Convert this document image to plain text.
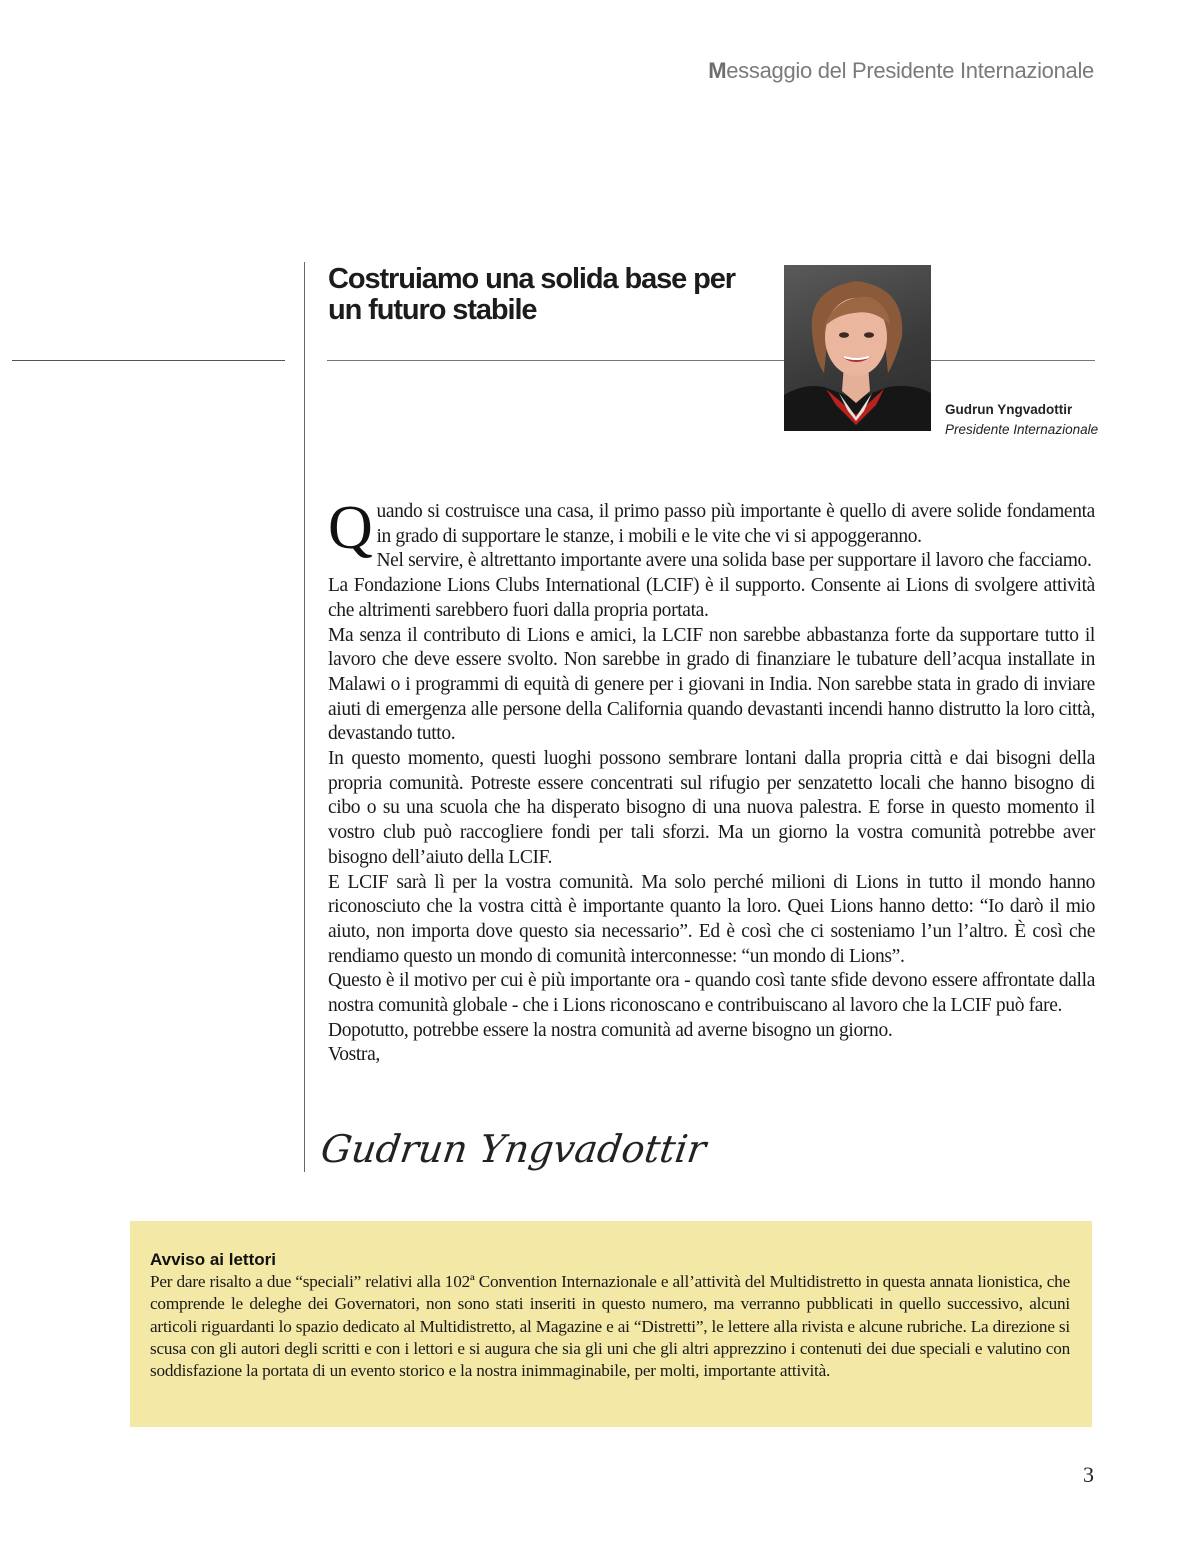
Messaggio del Presidente Internazionale
Costruiamo una solida base per un futuro stabile
Gudrun Yngvadottir
Presidente Internazionale

Quando si costruisce una casa, il primo passo più importante è quello di avere solide fondamenta in grado di supportare le stanze, i mobili e le vite che vi si appoggeranno.

Nel servire, è altrettanto importante avere una solida base per supportare il lavoro che facciamo.

La Fondazione Lions Clubs International (LCIF) è il supporto. Consente ai Lions di svolgere attività che altrimenti sarebbero fuori dalla propria portata.

Ma senza il contributo di Lions e amici, la LCIF non sarebbe abbastanza forte da supportare tutto il lavoro che deve essere svolto. Non sarebbe in grado di finanziare le tubature dell’acqua installate in Malawi o i programmi di equità di genere per i giovani in India. Non sarebbe stata in grado di inviare aiuti di emergenza alle persone della California quando devastanti incendi hanno distrutto la loro città, devastando tutto.

In questo momento, questi luoghi possono sembrare lontani dalla propria città e dai bisogni della propria comunità. Potreste essere concentrati sul rifugio per senzatetto locali che hanno bisogno di cibo o su una scuola che ha disperato bisogno di una nuova palestra. E forse in questo momento il vostro club può raccogliere fondi per tali sforzi. Ma un giorno la vostra comunità potrebbe aver bisogno dell’aiuto della LCIF.

E LCIF sarà lì per la vostra comunità. Ma solo perché milioni di Lions in tutto il mondo hanno riconosciuto che la vostra città è importante quanto la loro. Quei Lions hanno detto: “Io darò il mio aiuto, non importa dove questo sia necessario”. Ed è così che ci sosteniamo l’un l’altro. È così che rendiamo questo un mondo di comunità interconnesse: “un mondo di Lions”.

Questo è il motivo per cui è più importante ora - quando così tante sfide devono essere affrontate dalla nostra comunità globale - che i Lions riconoscano e contribuiscano al lavoro che la LCIF può fare.

Dopotutto, potrebbe essere la nostra comunità ad averne bisogno un giorno.

Vostra,

Gudrun Yngvadottir

Avviso ai lettori

Per dare risalto a due “speciali” relativi alla 102ª Convention Internazionale e all’attività del Multidistretto in questa annata lionistica, che comprende le deleghe dei Governatori, non sono stati inseriti in questo numero, ma verranno pubblicati in quello successivo, alcuni articoli riguardanti lo spazio dedicato al Multidistretto, al Magazine e ai “Distretti”, le lettere alla rivista e alcune rubriche. La direzione si scusa con gli autori degli scritti e con i lettori e si augura che sia gli uni che gli altri apprezzino i contenuti dei due speciali e valutino con soddisfazione la portata di un evento storico e la nostra inimmaginabile, per molti, importante attività.

3
